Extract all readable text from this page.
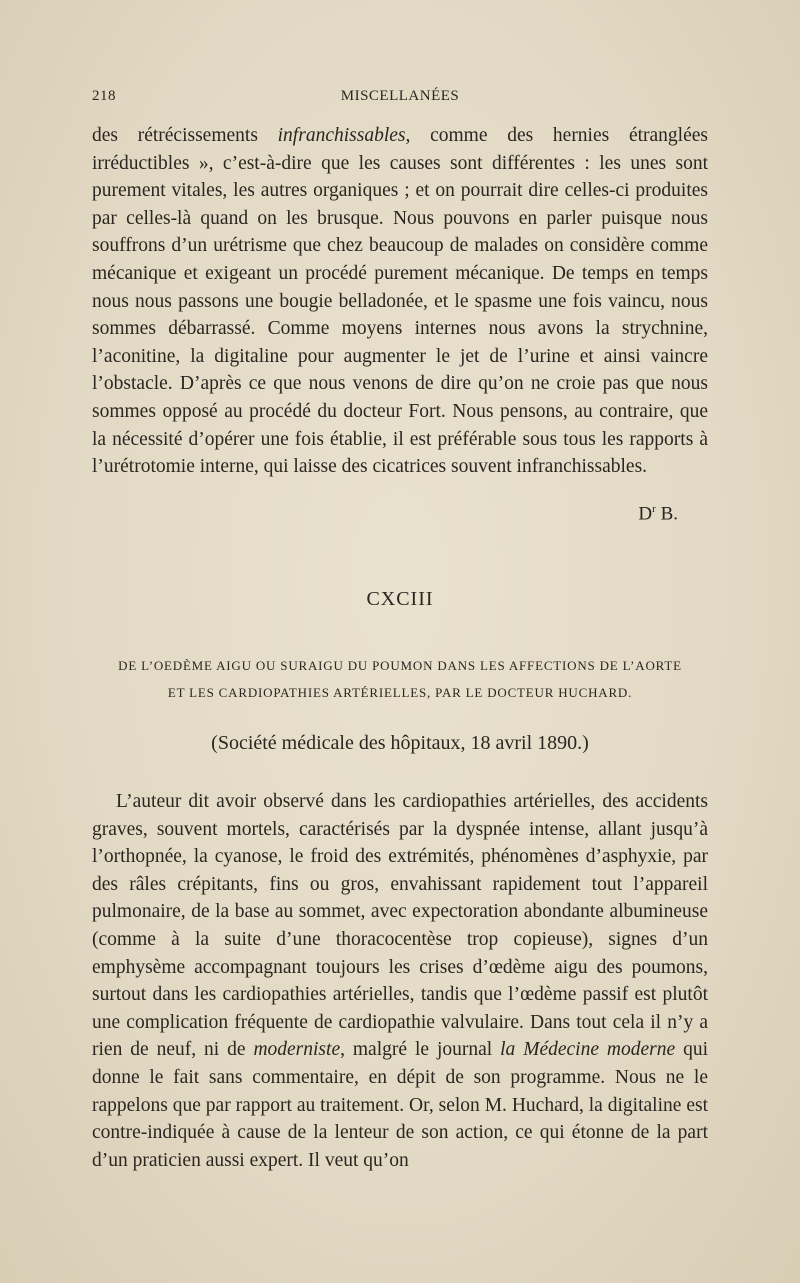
218	MISCELLANÉES

des rétrécissements infranchissables, comme des hernies étranglées irréductibles », c’est-à-dire que les causes sont différentes : les unes sont purement vitales, les autres organiques ; et on pourrait dire celles-ci produites par celles-là quand on les brusque. Nous pouvons en parler puisque nous souffrons d’un urétrisme que chez beaucoup de malades on considère comme mécanique et exigeant un procédé purement mécanique. De temps en temps nous nous passons une bougie belladonée, et le spasme une fois vaincu, nous sommes débarrassé. Comme moyens internes nous avons la strychnine, l’aconitine, la digitaline pour augmenter le jet de l’urine et ainsi vaincre l’obstacle. D’après ce que nous venons de dire qu’on ne croie pas que nous sommes opposé au procédé du docteur Fort. Nous pensons, au contraire, que la nécessité d’opérer une fois établie, il est préférable sous tous les rapports à l’urétrotomie interne, qui laisse des cicatrices souvent infranchissables.

$D^r$ B.
CXCIII
DE L’OEDÈME AIGU OU SURAIGU DU POUMON DANS LES AFFECTIONS DE L’AORTE
ET LES CARDIOPATHIES ARTÉRIELLES, PAR LE DOCTEUR HUCHARD.
(Société médicale des hôpitaux, 18 avril 1890.)

L’auteur dit avoir observé dans les cardiopathies artérielles, des accidents graves, souvent mortels, caractérisés par la dyspnée intense, allant jusqu’à l’orthopnée, la cyanose, le froid des extrémités, phénomènes d’asphyxie, par des râles crépitants, fins ou gros, envahissant rapidement tout l’appareil pulmonaire, de la base au sommet, avec expectoration abondante albumineuse (comme à la suite d’une thoracocentèse trop copieuse), signes d’un emphysème accompagnant toujours les crises d’œdème aigu des poumons, surtout dans les cardiopathies artérielles, tandis que l’œdème passif est plutôt une complication fréquente de cardiopathie valvulaire. Dans tout cela il n’y a rien de neuf, ni de moderniste, malgré le journal la Médecine moderne qui donne le fait sans commentaire, en dépit de son programme. Nous ne le rappelons que par rapport au traitement. Or, selon M. Huchard, la digitaline est contre-indiquée à cause de la lenteur de son action, ce qui étonne de la part d’un praticien aussi expert. Il veut qu’on
